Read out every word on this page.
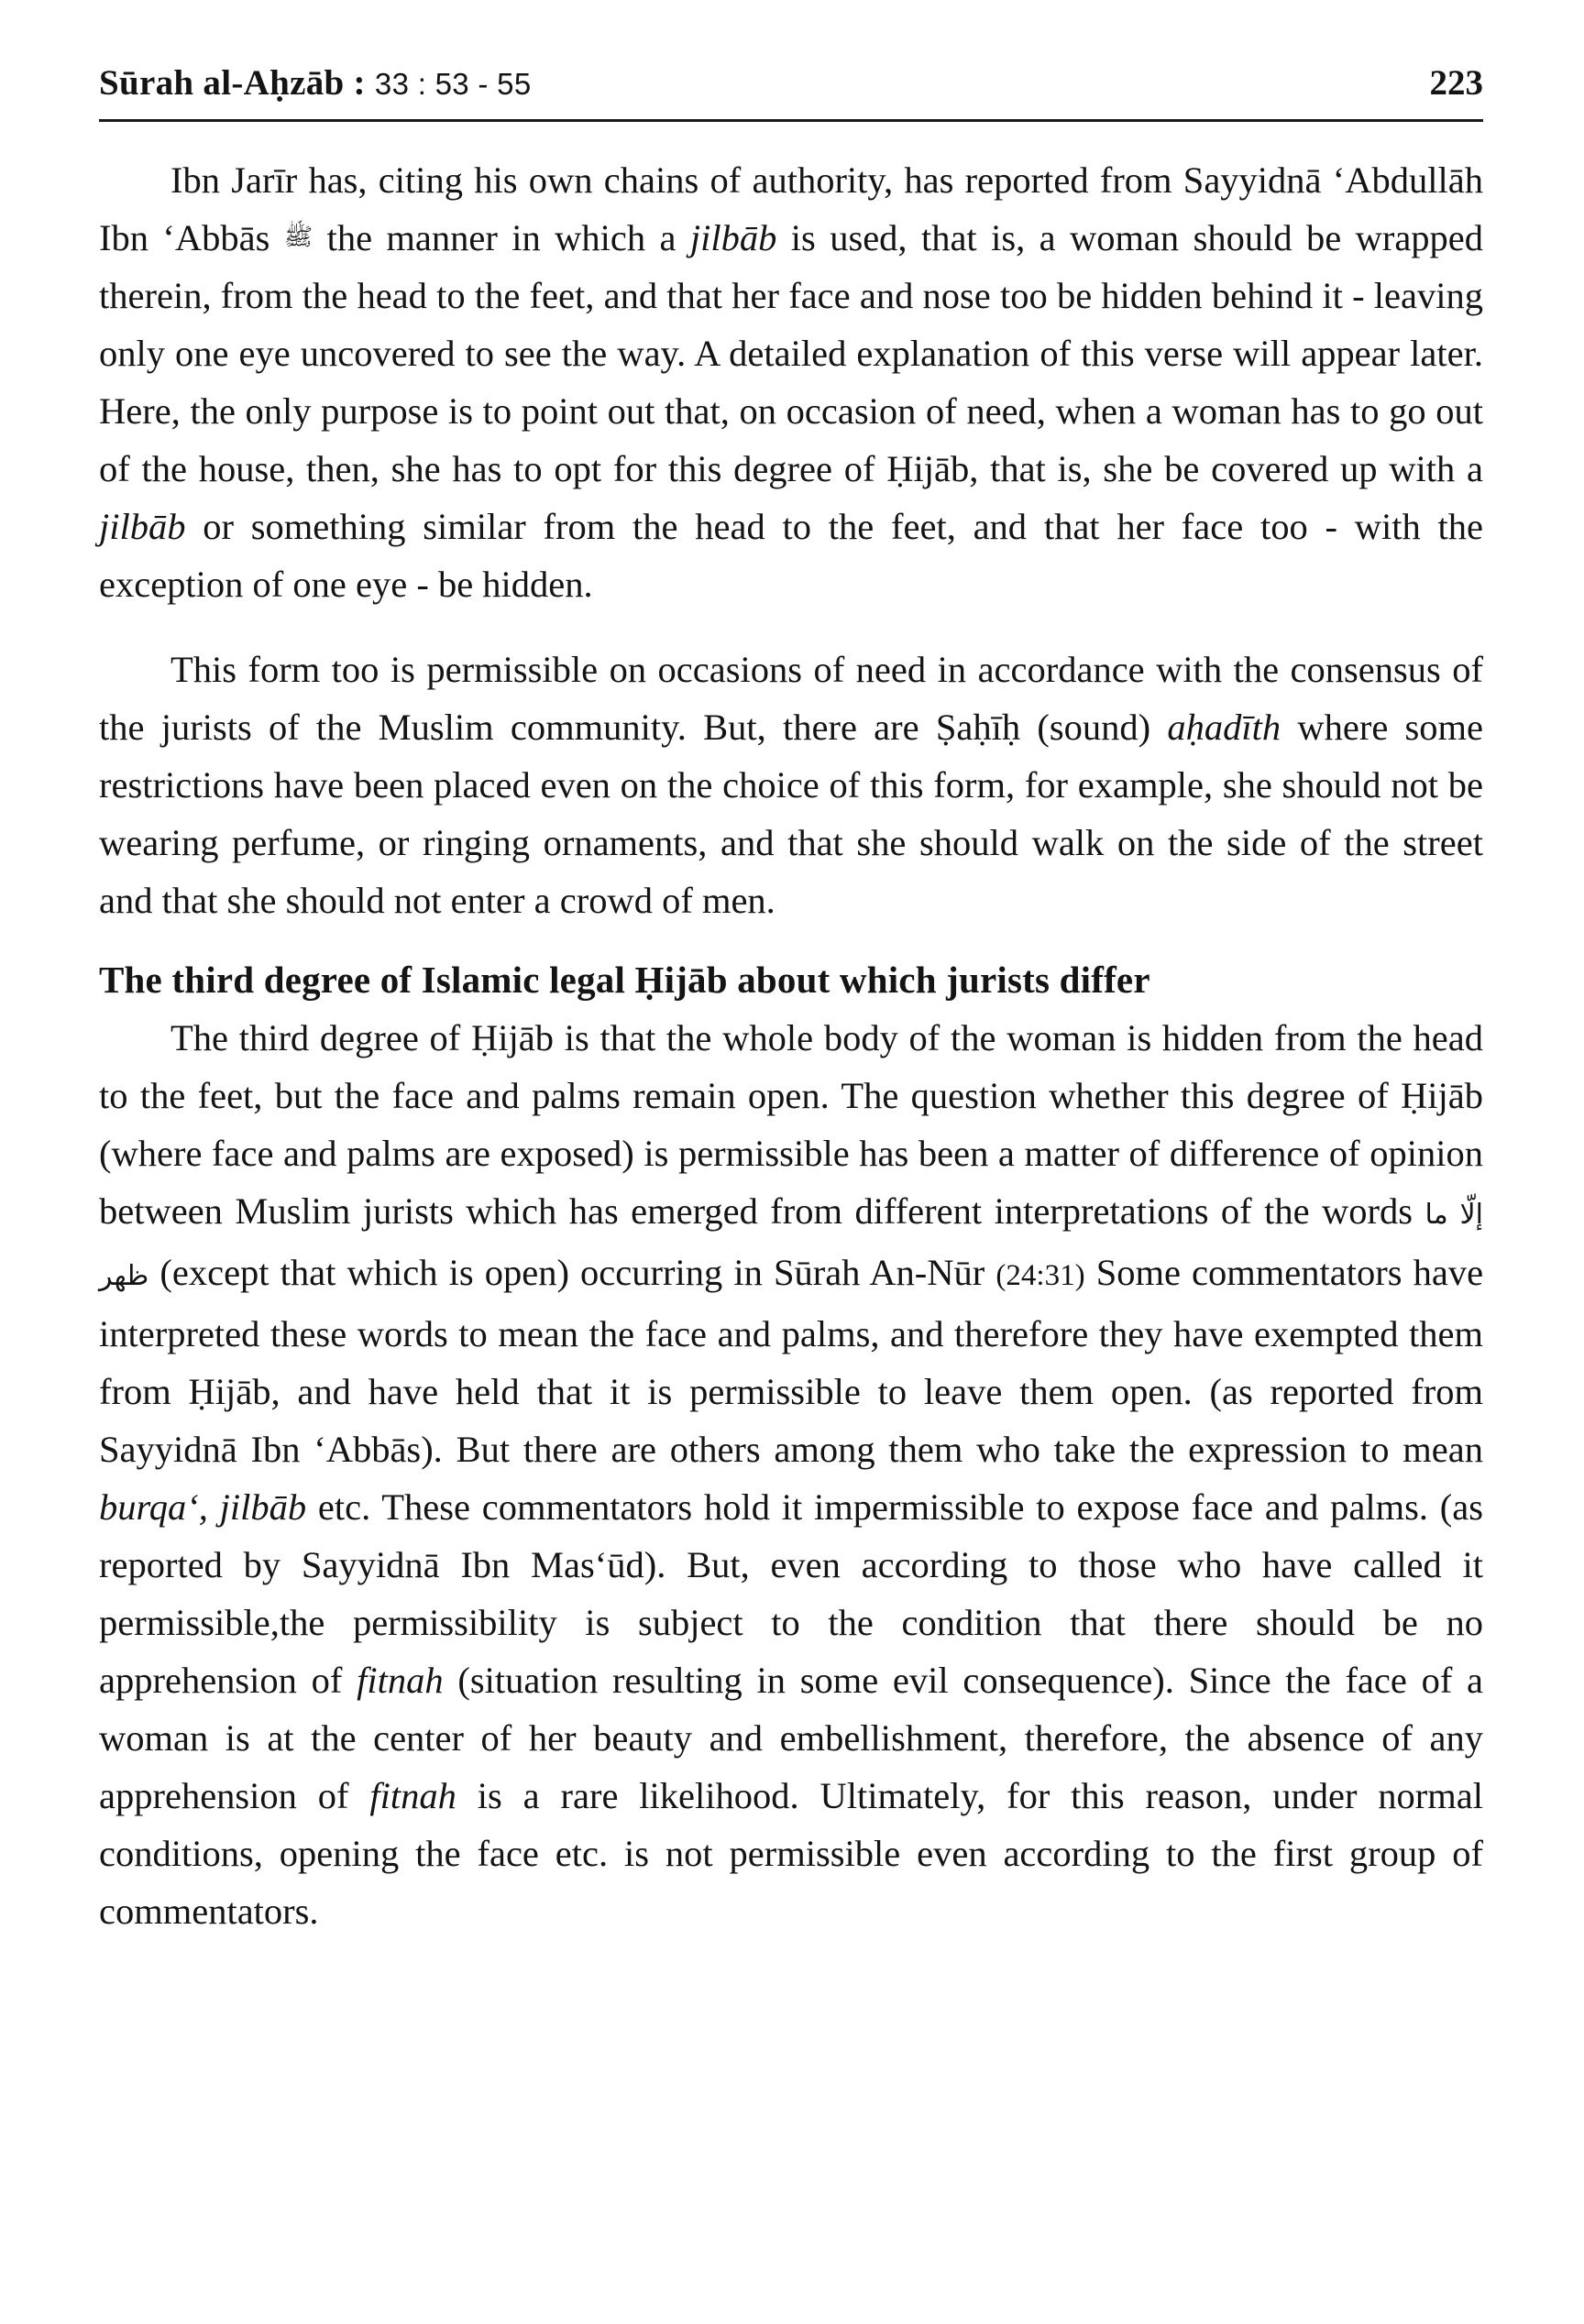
Sūrah al-Aḥzāb : 33 : 53 - 55	223

Ibn Jarīr has, citing his own chains of authority, has reported from Sayyidnā ‘Abdullāh Ibn ‘Abbās ﷺ the manner in which a jilbāb is used, that is, a woman should be wrapped therein, from the head to the feet, and that her face and nose too be hidden behind it - leaving only one eye uncovered to see the way. A detailed explanation of this verse will appear later. Here, the only purpose is to point out that, on occasion of need, when a woman has to go out of the house, then, she has to opt for this degree of Ḥijāb, that is, she be covered up with a jilbāb or something similar from the head to the feet, and that her face too - with the exception of one eye - be hidden.

This form too is permissible on occasions of need in accordance with the consensus of the jurists of the Muslim community. But, there are Ṣaḥīḥ (sound) aḥadīth where some restrictions have been placed even on the choice of this form, for example, she should not be wearing perfume, or ringing ornaments, and that she should walk on the side of the street and that she should not enter a crowd of men.

The third degree of Islamic legal Ḥijāb about which jurists differ

The third degree of Ḥijāb is that the whole body of the woman is hidden from the head to the feet, but the face and palms remain open. The question whether this degree of Ḥijāb (where face and palms are exposed) is permissible has been a matter of difference of opinion between Muslim jurists which has emerged from different interpretations of the words إلّا ما ظهر (except that which is open) occurring in Sūrah An-Nūr (24:31) Some commentators have interpreted these words to mean the face and palms, and therefore they have exempted them from Ḥijāb, and have held that it is permissible to leave them open. (as reported from Sayyidnā Ibn ‘Abbās). But there are others among them who take the expression to mean burqa‘, jilbāb etc. These commentators hold it impermissible to expose face and palms. (as reported by Sayyidnā Ibn Mas‘ūd). But, even according to those who have called it permissible,the permissibility is subject to the condition that there should be no apprehension of fitnah (situation resulting in some evil consequence). Since the face of a woman is at the center of her beauty and embellishment, therefore, the absence of any apprehension of fitnah is a rare likelihood. Ultimately, for this reason, under normal conditions, opening the face etc. is not permissible even according to the first group of commentators.
